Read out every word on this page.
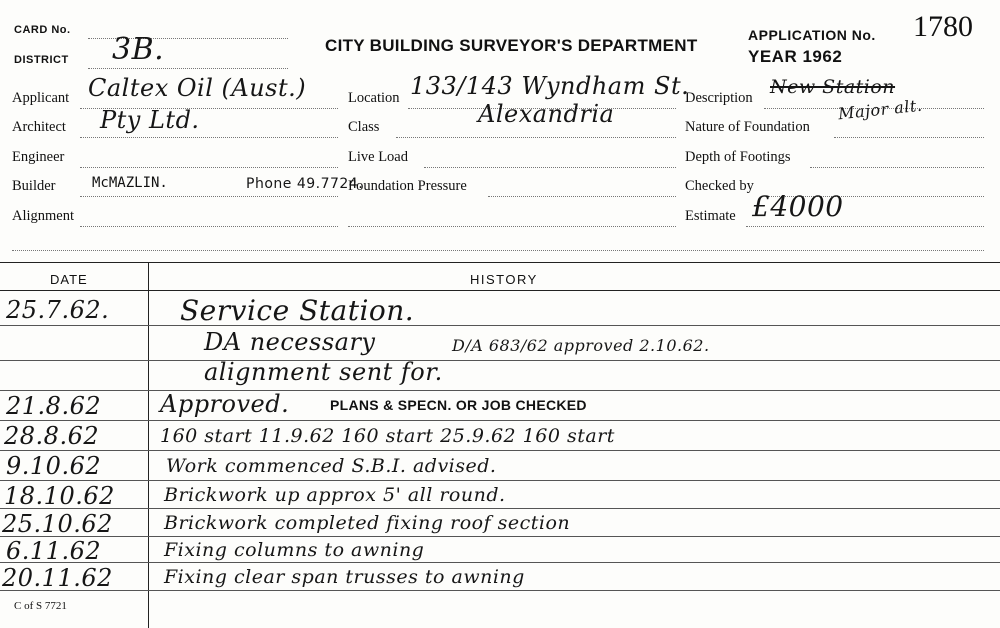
CARD No.
DISTRICT 3B.	CITY BUILDING SURVEYOR'S DEPARTMENT
APPLICATION No. 1780
YEAR 1962
Applicant Caltex Oil (Aust.)
Architect Pty Ltd.
Engineer
Builder	McMAZLIN.	Phone 49.7724.
Alignment
Location 133/143 Wyndham St.
Class	Alexandria
Live Load
Foundation Pressure
Description New Station
Major alt.
Nature of Foundation
Depth of Footings
Checked by
Estimate £4000
DATE	HISTORY
25.7.62.	Service Station.
DA necessary	D/A 683/62 approved 2.10.62.
alignment sent for.
21.8.62 Approved.	PLANS & SPECN. OR JOB CHECKED
28.8.62	160 start 11.9.62 160 start 25.9.62 160 start
9.10.62	Work commenced S.B.I. advised.
18.10.62	Brickwork up approx 5' all round.
25.10.62	Brickwork completed fixing roof section
6.11.62	Fixing columns to awning
20.11.62	Fixing clear span trusses to awning
C of S 7721
